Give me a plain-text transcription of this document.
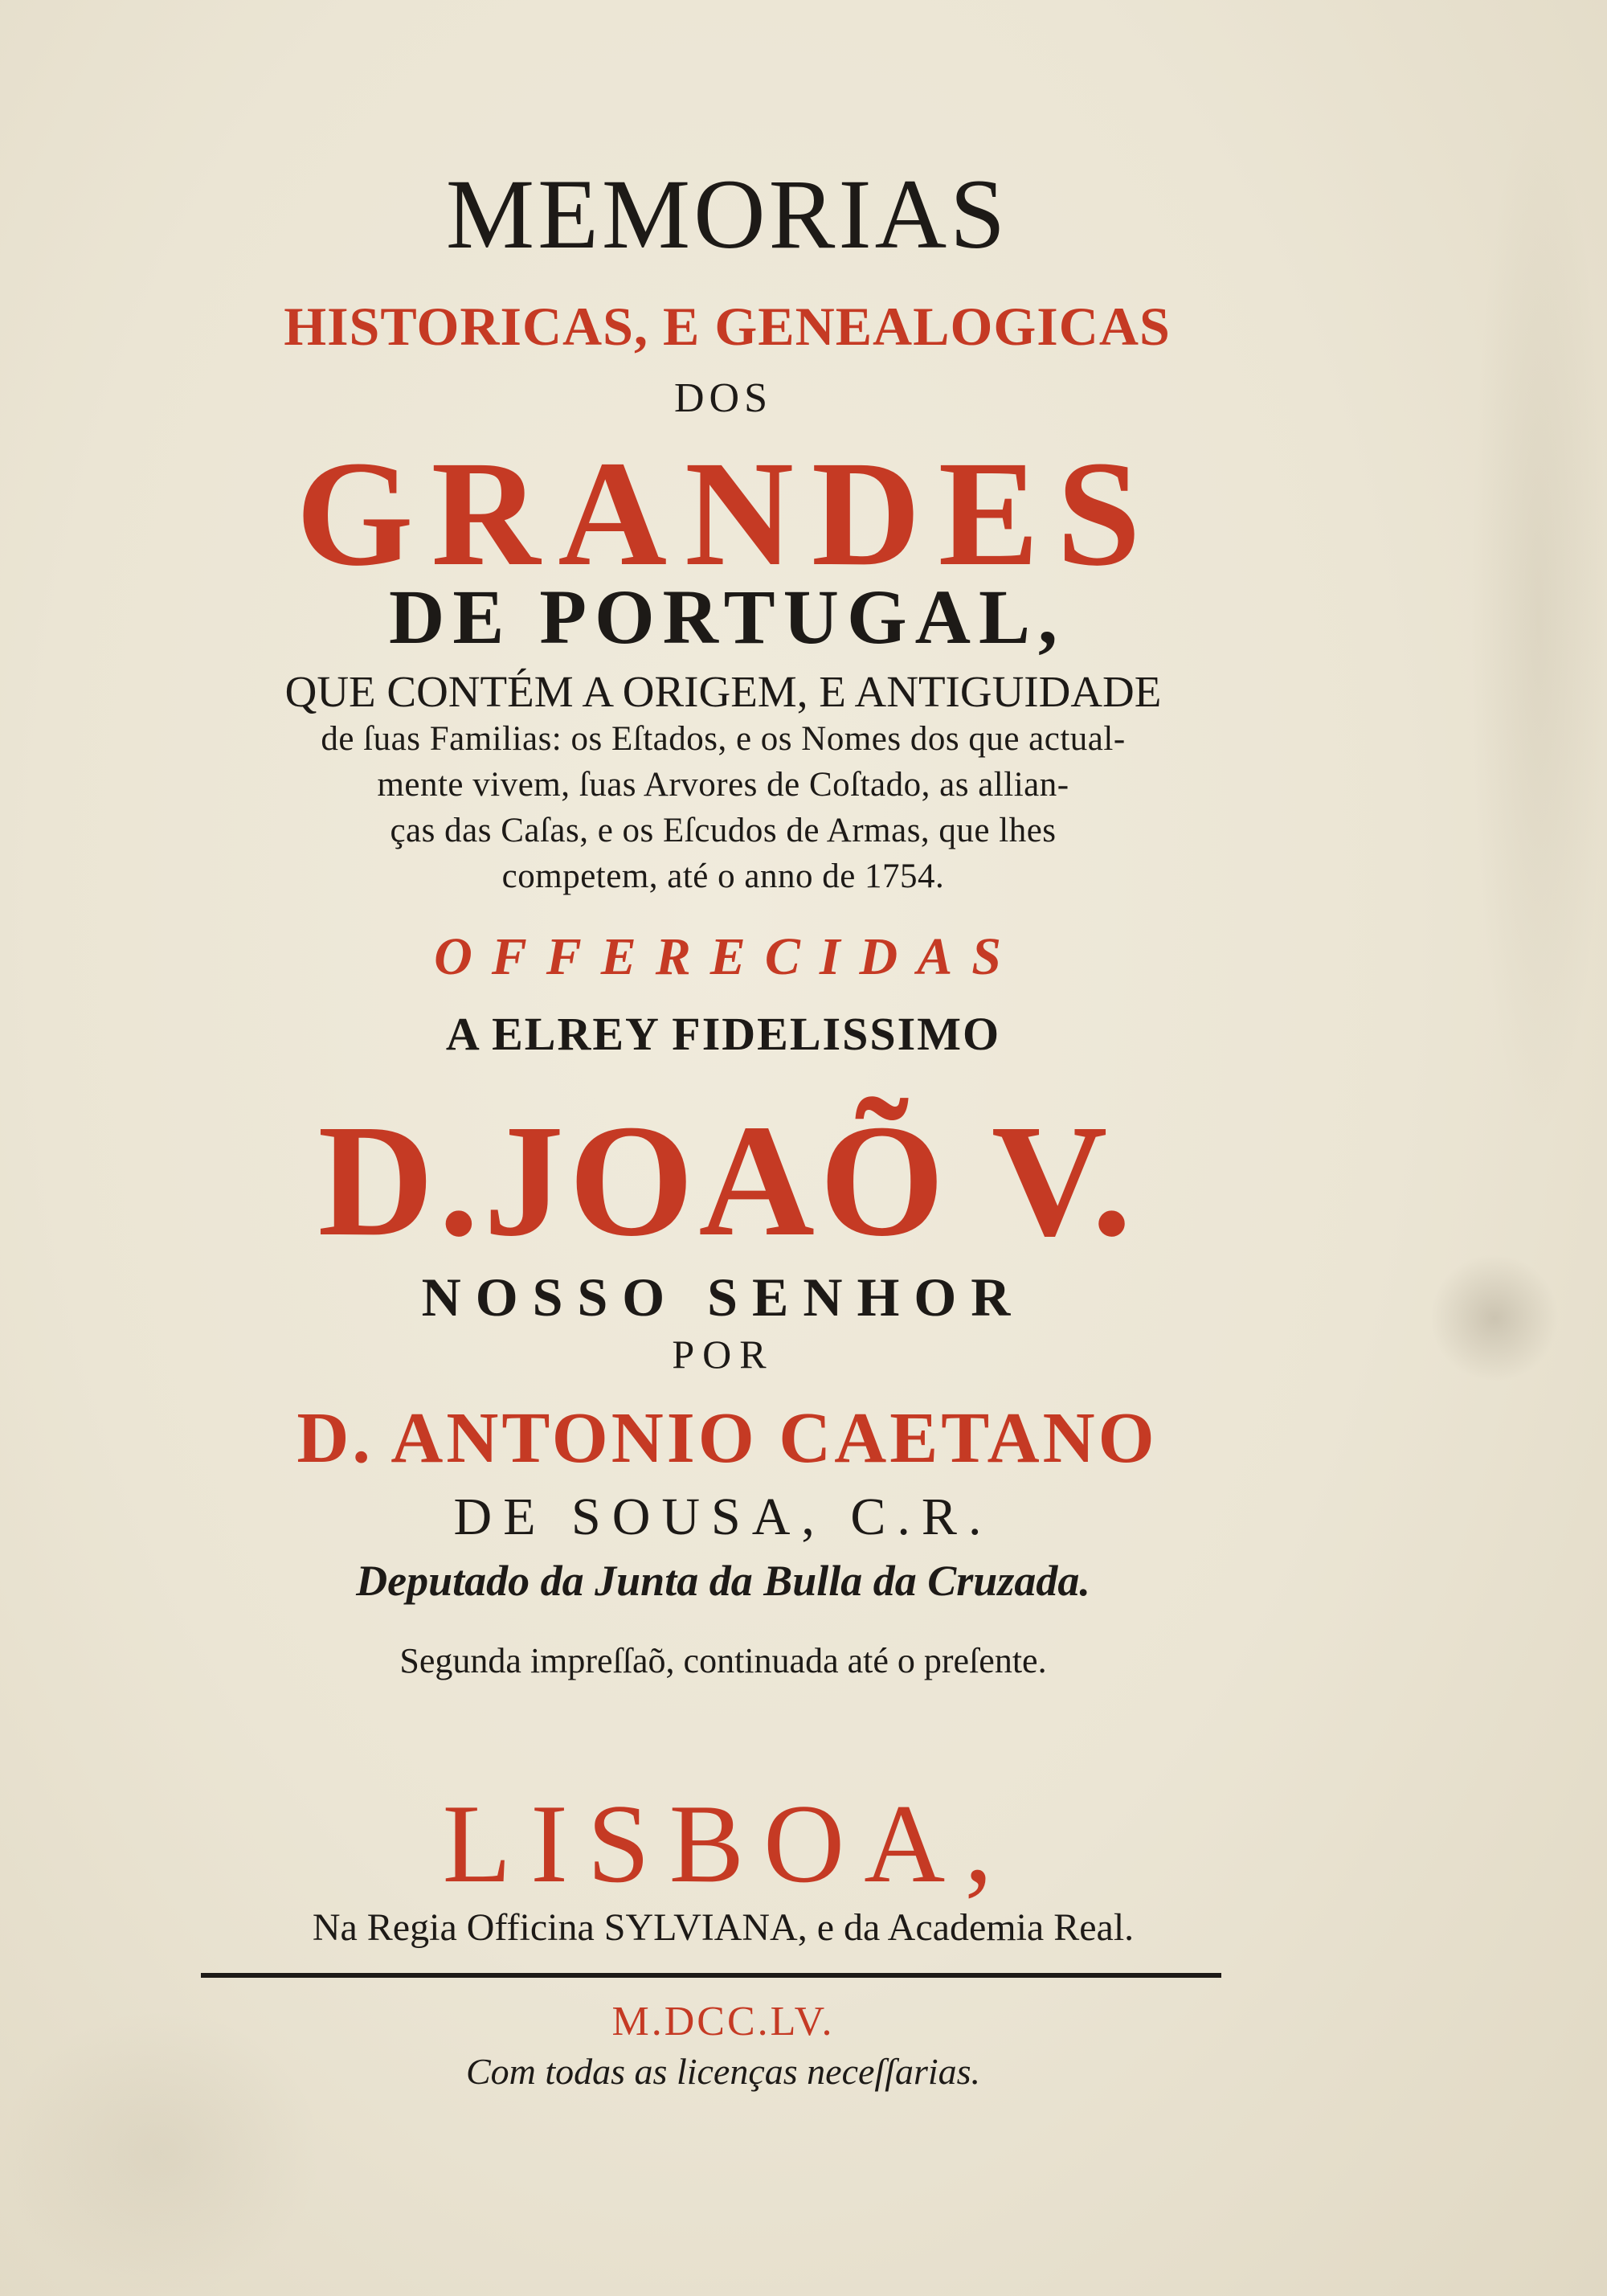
MEMORIAS
HISTORICAS, E GENEALOGICAS
DOS
GRANDES
DE PORTUGAL,
QUE CONTÉM A ORIGEM, E ANTIGUIDADE
de ſuas Familias: os Eſtados, e os Nomes dos que actual-
mente vivem, ſuas Arvores de Coſtado, as allian-
ças das Caſas, e os Eſcudos de Armas, que lhes
competem, até o anno de 1754.
OFFERECIDAS
A ELREY FIDELISSIMO
D.JOAÕ V.
NOSSO SENHOR
POR
D. ANTONIO CAETANO
DE SOUSA, C.R.
Deputado da Junta da Bulla da Cruzada.
Segunda impreſſaõ, continuada até o preſente.
LISBOA,
Na Regia Officina SYLVIANA, e da Academia Real.
M.DCC.LV.
Com todas as licenças neceſſarias.
